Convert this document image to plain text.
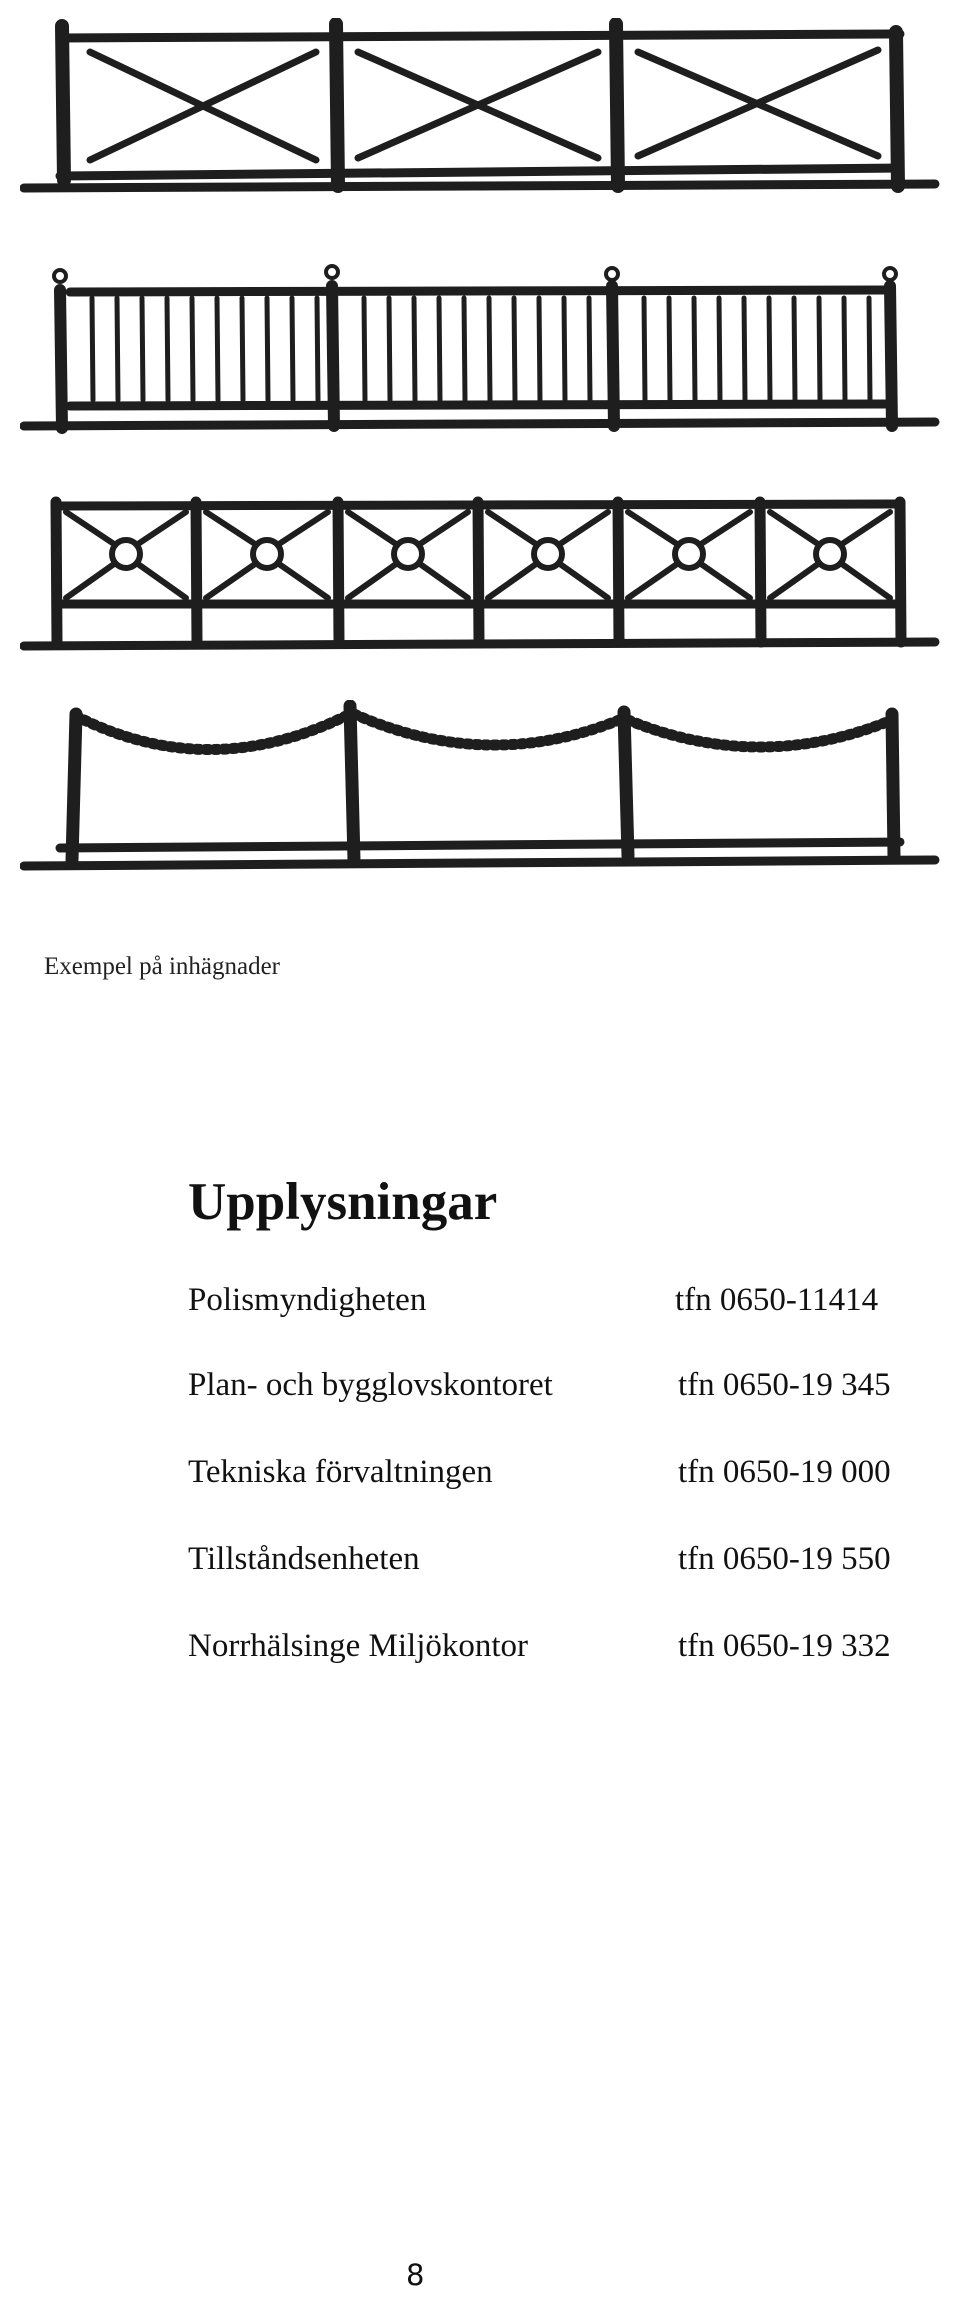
Exempel på inhägnader
Upplysningar
Polismyndigheten	tfn 0650-11414
Plan- och bygglovskontoret	tfn 0650-19 345
Tekniska förvaltningen	tfn 0650-19 000
Tillståndsenheten	tfn 0650-19 550
Norrhälsinge Miljökontor	tfn 0650-19 332
8
